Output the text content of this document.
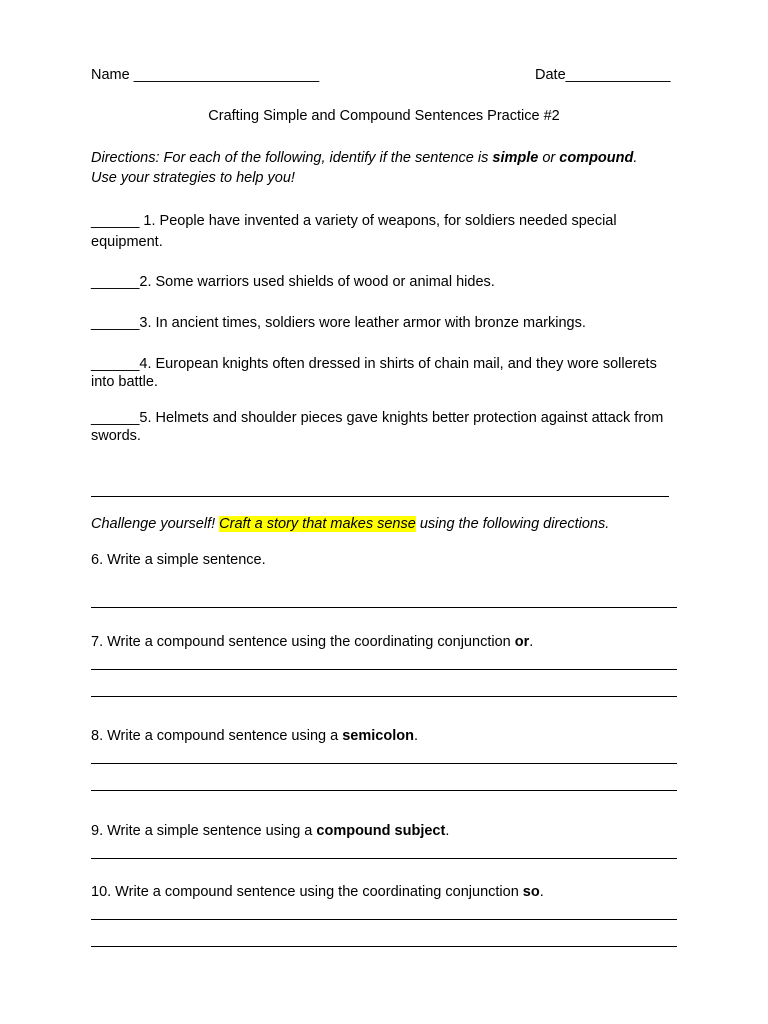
Name _______________________	Date_____________
Crafting Simple and Compound Sentences Practice #2
Directions: For each of the following, identify if the sentence is simple or compound.
Use your strategies to help you!
______ 1. People have invented a variety of weapons, for soldiers needed special equipment.
______2. Some warriors used shields of wood or animal hides.
______3. In ancient times, soldiers wore leather armor with bronze markings.
______4. European knights often dressed in shirts of chain mail, and they wore sollerets into battle.
______5. Helmets and shoulder pieces gave knights better protection against attack from swords.
Challenge yourself! Craft a story that makes sense using the following directions.
6. Write a simple sentence.
7. Write a compound sentence using the coordinating conjunction or.
8. Write a compound sentence using a semicolon.
9. Write a simple sentence using a compound subject.
10. Write a compound sentence using the coordinating conjunction so.
